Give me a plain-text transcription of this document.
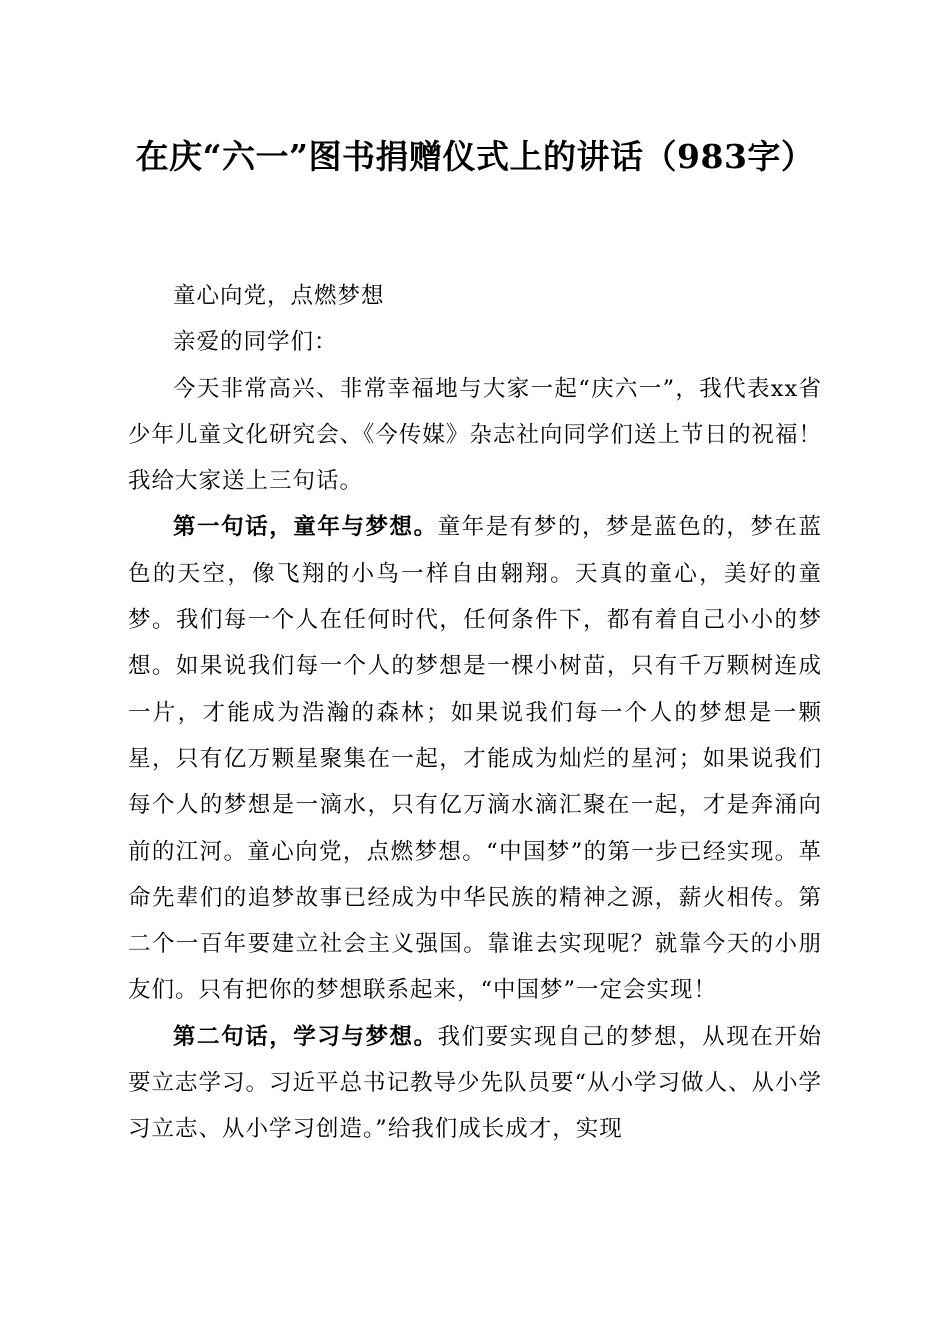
在庆“六一”图书捐赠仪式上的讲话（983字）

童心向党，点燃梦想

亲爱的同学们：

今天非常高兴、非常幸福地与大家一起“庆六一”，我代表xx省少年儿童文化研究会、《今传媒》杂志社向同学们送上节日的祝福！我给大家送上三句话。

第一句话，童年与梦想。童年是有梦的，梦是蓝色的，梦在蓝色的天空，像飞翔的小鸟一样自由翱翔。天真的童心，美好的童梦。我们每一个人在任何时代，任何条件下，都有着自己小小的梦想。如果说我们每一个人的梦想是一棵小树苗，只有千万颗树连成一片，才能成为浩瀚的森林；如果说我们每一个人的梦想是一颗星，只有亿万颗星聚集在一起，才能成为灿烂的星河；如果说我们每个人的梦想是一滴水，只有亿万滴水滴汇聚在一起，才是奔涌向前的江河。童心向党，点燃梦想。“中国梦”的第一步已经实现。革命先辈们的追梦故事已经成为中华民族的精神之源，薪火相传。第二个一百年要建立社会主义强国。靠谁去实现呢？就靠今天的小朋友们。只有把你的梦想联系起来，“中国梦”一定会实现！

第二句话，学习与梦想。我们要实现自己的梦想，从现在开始要立志学习。习近平总书记教导少先队员要“从小学习做人、从小学习立志、从小学习创造。”给我们成长成才，实现
